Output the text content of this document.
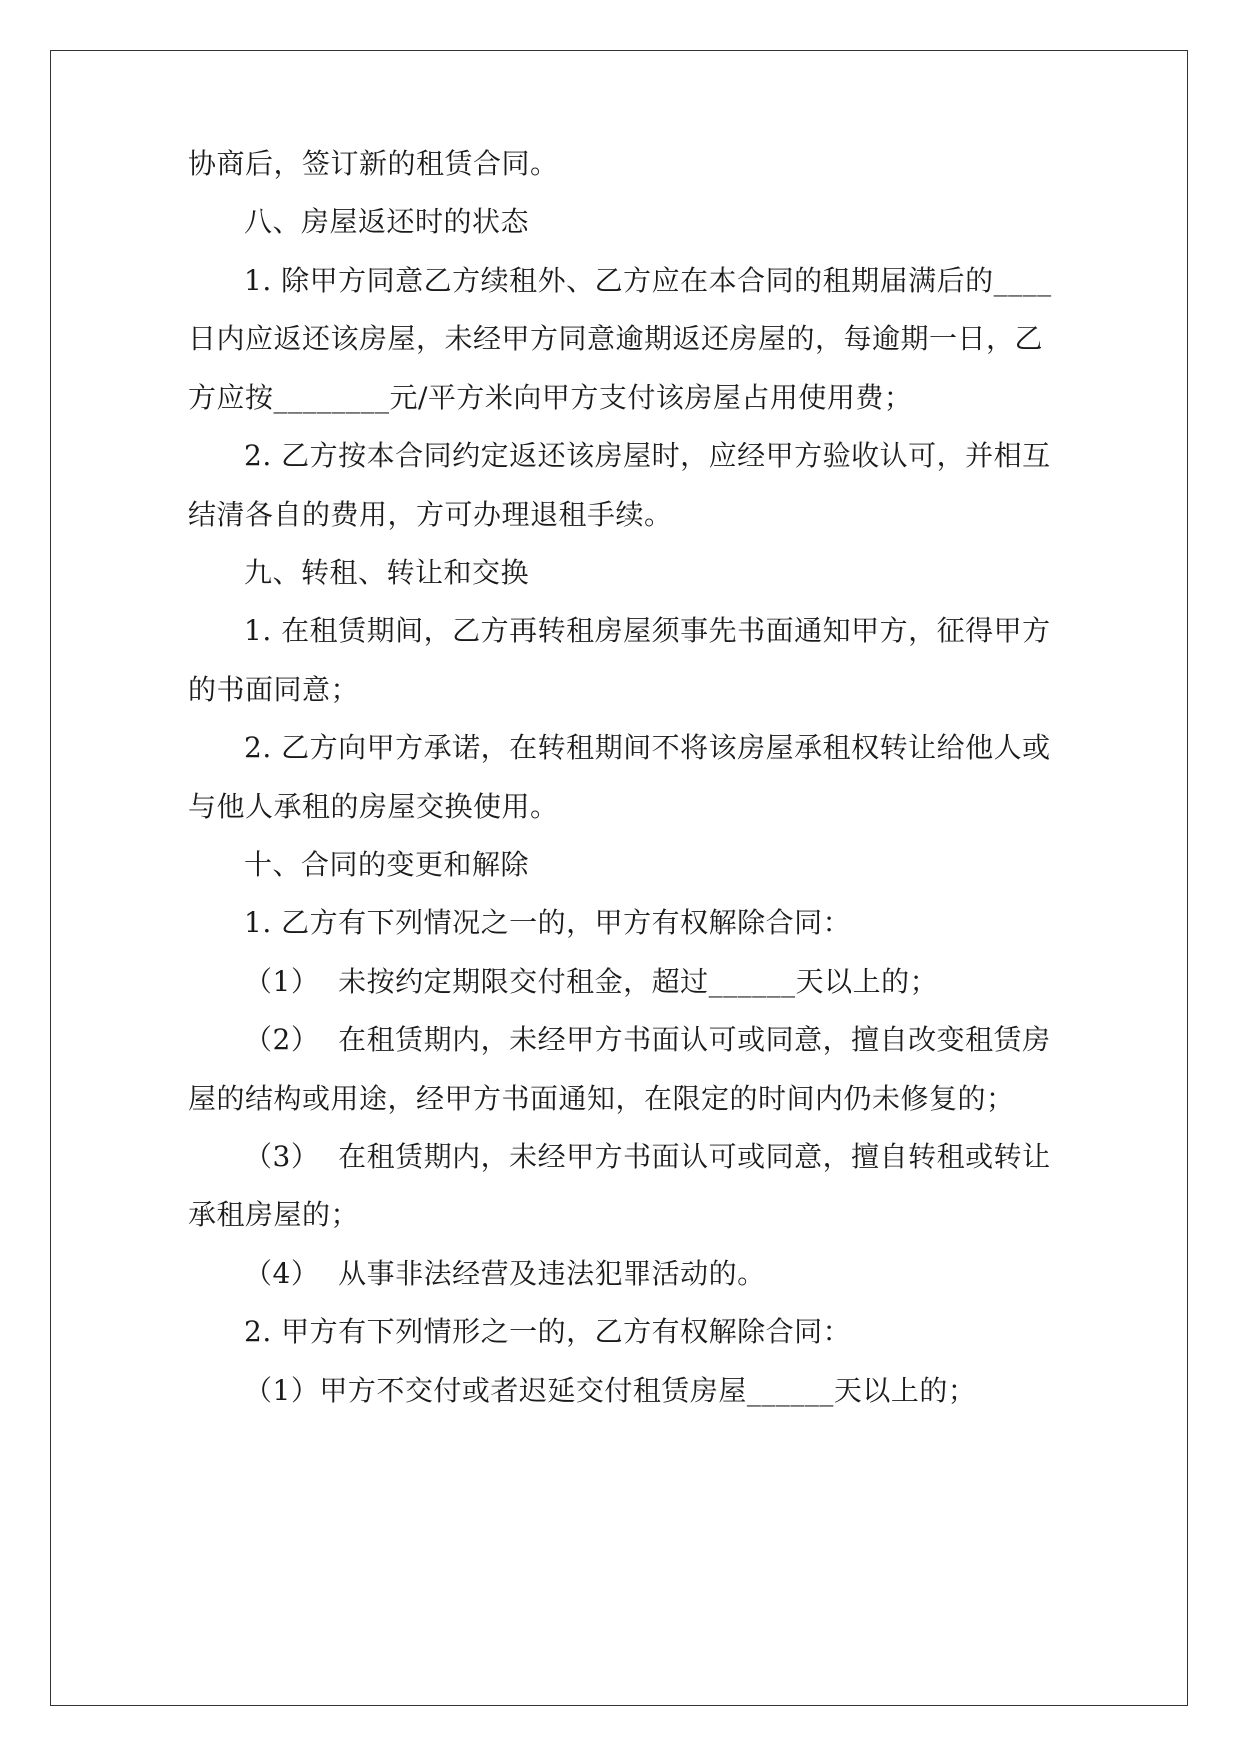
协商后，签订新的租赁合同。
八、房屋返还时的状态
1. 除甲方同意乙方续租外、乙方应在本合同的租期届满后的____
日内应返还该房屋，未经甲方同意逾期返还房屋的，每逾期一日，乙
方应按________元/平方米向甲方支付该房屋占用使用费；
2. 乙方按本合同约定返还该房屋时，应经甲方验收认可，并相互
结清各自的费用，方可办理退租手续。
九、转租、转让和交换
1. 在租赁期间，乙方再转租房屋须事先书面通知甲方，征得甲方
的书面同意；
2. 乙方向甲方承诺，在转租期间不将该房屋承租权转让给他人或
与他人承租的房屋交换使用。
十、合同的变更和解除
1. 乙方有下列情况之一的，甲方有权解除合同：
（1）  未按约定期限交付租金，超过______天以上的；
（2）  在租赁期内，未经甲方书面认可或同意，擅自改变租赁房
屋的结构或用途，经甲方书面通知，在限定的时间内仍未修复的；
（3）  在租赁期内，未经甲方书面认可或同意，擅自转租或转让
承租房屋的；
（4）  从事非法经营及违法犯罪活动的。
2. 甲方有下列情形之一的，乙方有权解除合同：
（1）甲方不交付或者迟延交付租赁房屋______天以上的；
